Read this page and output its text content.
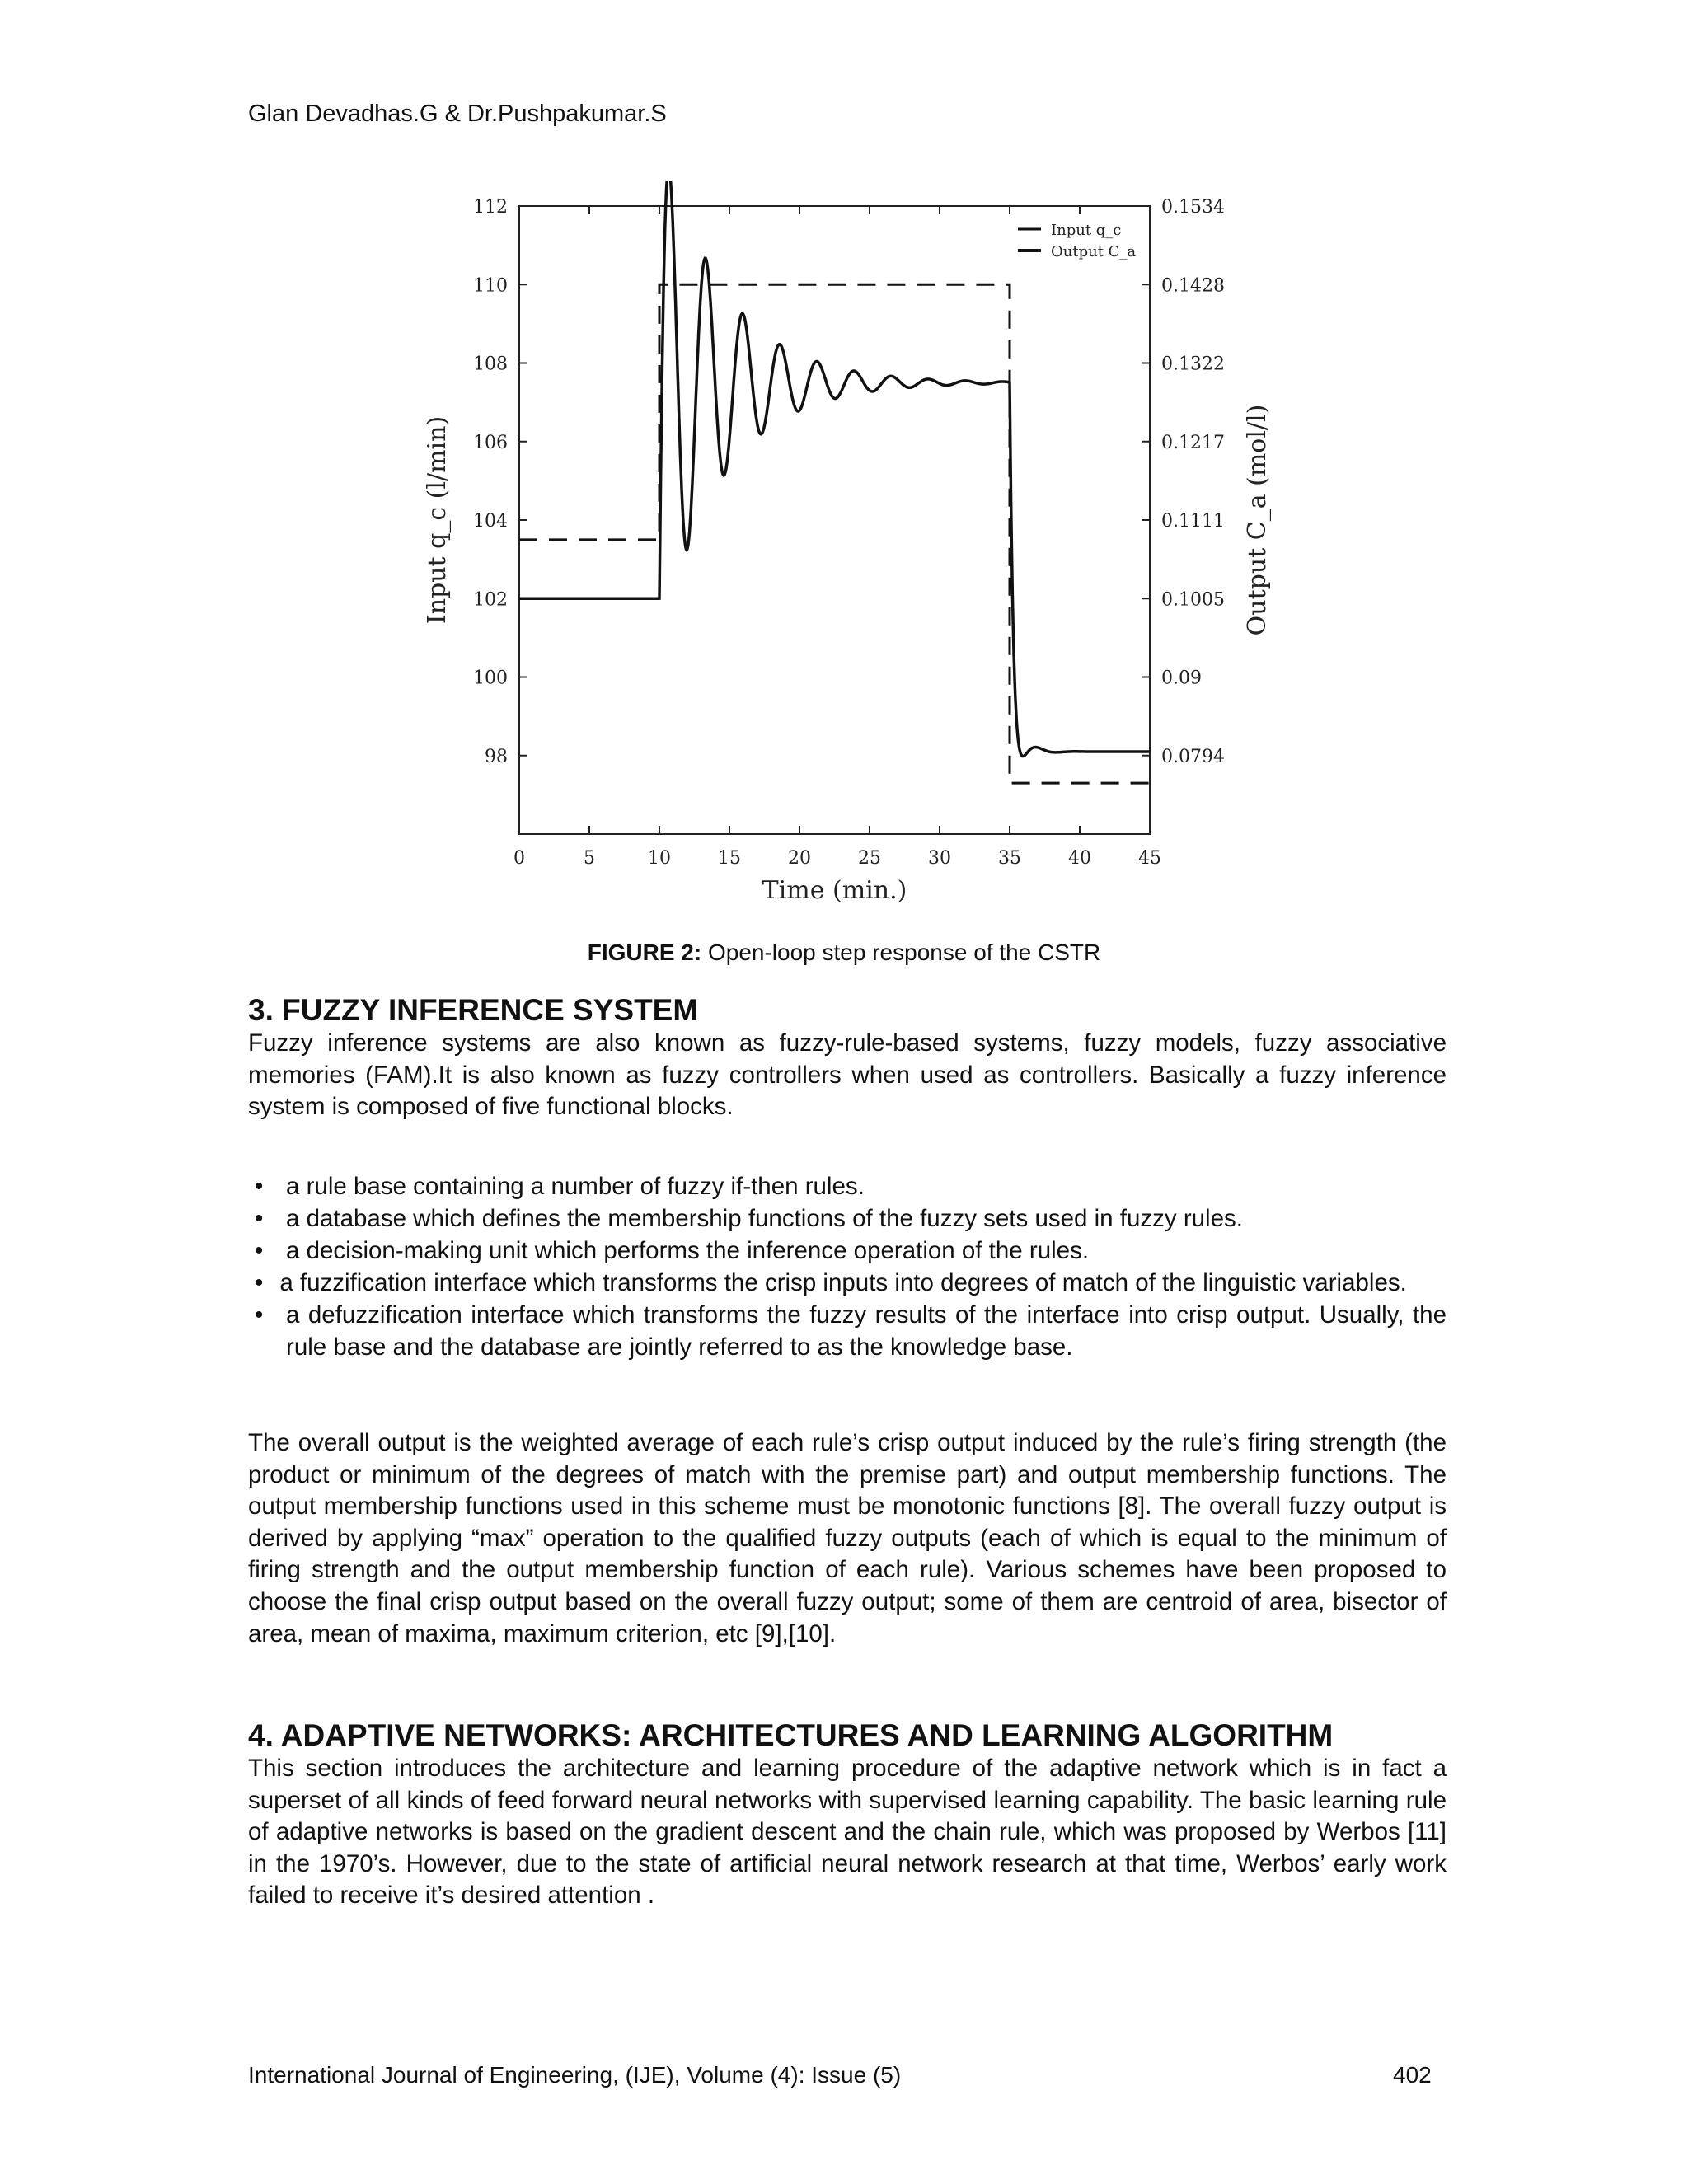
Glan Devadhas.G & Dr.Pushpakumar.S
0	5	10	15	20	25	30	35	40	45
112	0.1534
110	0.1428
108	0.1322
106	0.1217
104	0.1111
102	0.1005
100	0.09
98	0.0794
Time (min.)
Input q_c (l/min)	Output C_a (mol/l)
Input q_c
Output C_a
FIGURE 2: Open-loop step response of the CSTR
3. FUZZY INFERENCE SYSTEM

Fuzzy inference systems are also known as fuzzy-rule-based systems, fuzzy models, fuzzy associative memories (FAM).It is also known as fuzzy controllers when used as controllers. Basically a fuzzy inference system is composed of five functional blocks.

• a rule base containing a number of fuzzy if-then rules.
• a database which defines the membership functions of the fuzzy sets used in fuzzy rules.
• a decision-making unit which performs the inference operation of the rules.
• a fuzzification interface which transforms the crisp inputs into degrees of match of the linguistic variables.
• a defuzzification interface which transforms the fuzzy results of the interface into crisp output. Usually, the rule base and the database are jointly referred to as the knowledge base.

The overall output is the weighted average of each rule’s crisp output induced by the rule’s firing strength (the product or minimum of the degrees of match with the premise part) and output membership functions. The output membership functions used in this scheme must be monotonic functions [8]. The overall fuzzy output is derived by applying “max” operation to the qualified fuzzy outputs (each of which is equal to the minimum of firing strength and the output membership function of each rule). Various schemes have been proposed to choose the final crisp output based on the overall fuzzy output; some of them are centroid of area, bisector of area, mean of maxima, maximum criterion, etc [9],[10].

4. ADAPTIVE NETWORKS: ARCHITECTURES AND LEARNING ALGORITHM

This section introduces the architecture and learning procedure of the adaptive network which is in fact a superset of all kinds of feed forward neural networks with supervised learning capability. The basic learning rule of adaptive networks is based on the gradient descent and the chain rule, which was proposed by Werbos [11] in the 1970’s. However, due to the state of artificial neural network research at that time, Werbos’ early work failed to receive it’s desired attention .

International Journal of Engineering, (IJE), Volume (4): Issue (5)	402
